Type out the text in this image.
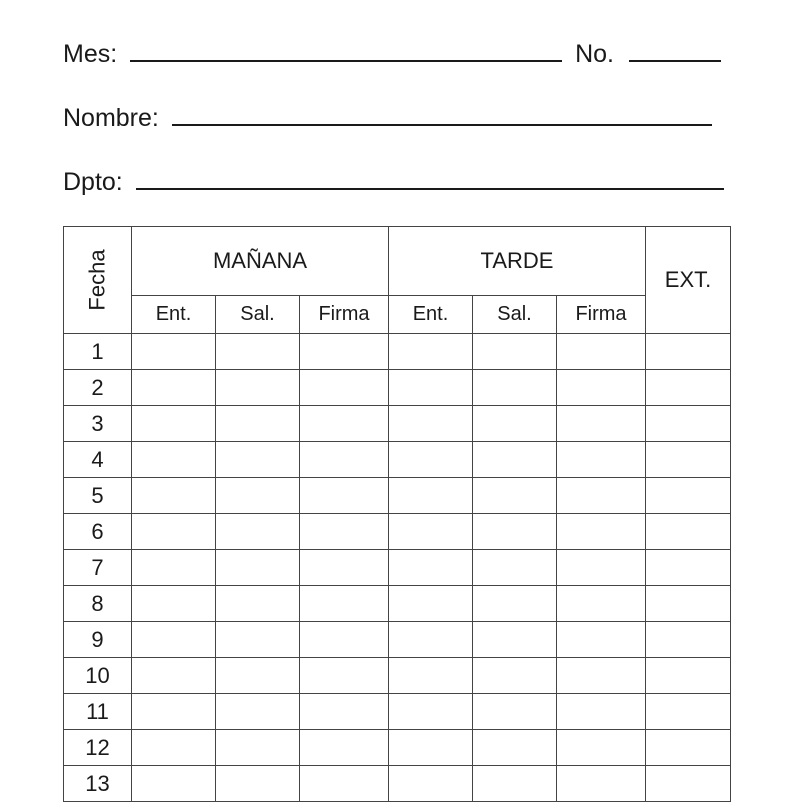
Mes:	No.
Nombre:
Dpto:
Fecha	MAÑANA			TARDE			EXT.
	Ent.	Sal.	Firma	Ent.	Sal.	Firma	
1							
2							
3							
4							
5							
6							
7							
8							
9							
10							
11							
12							
13							
